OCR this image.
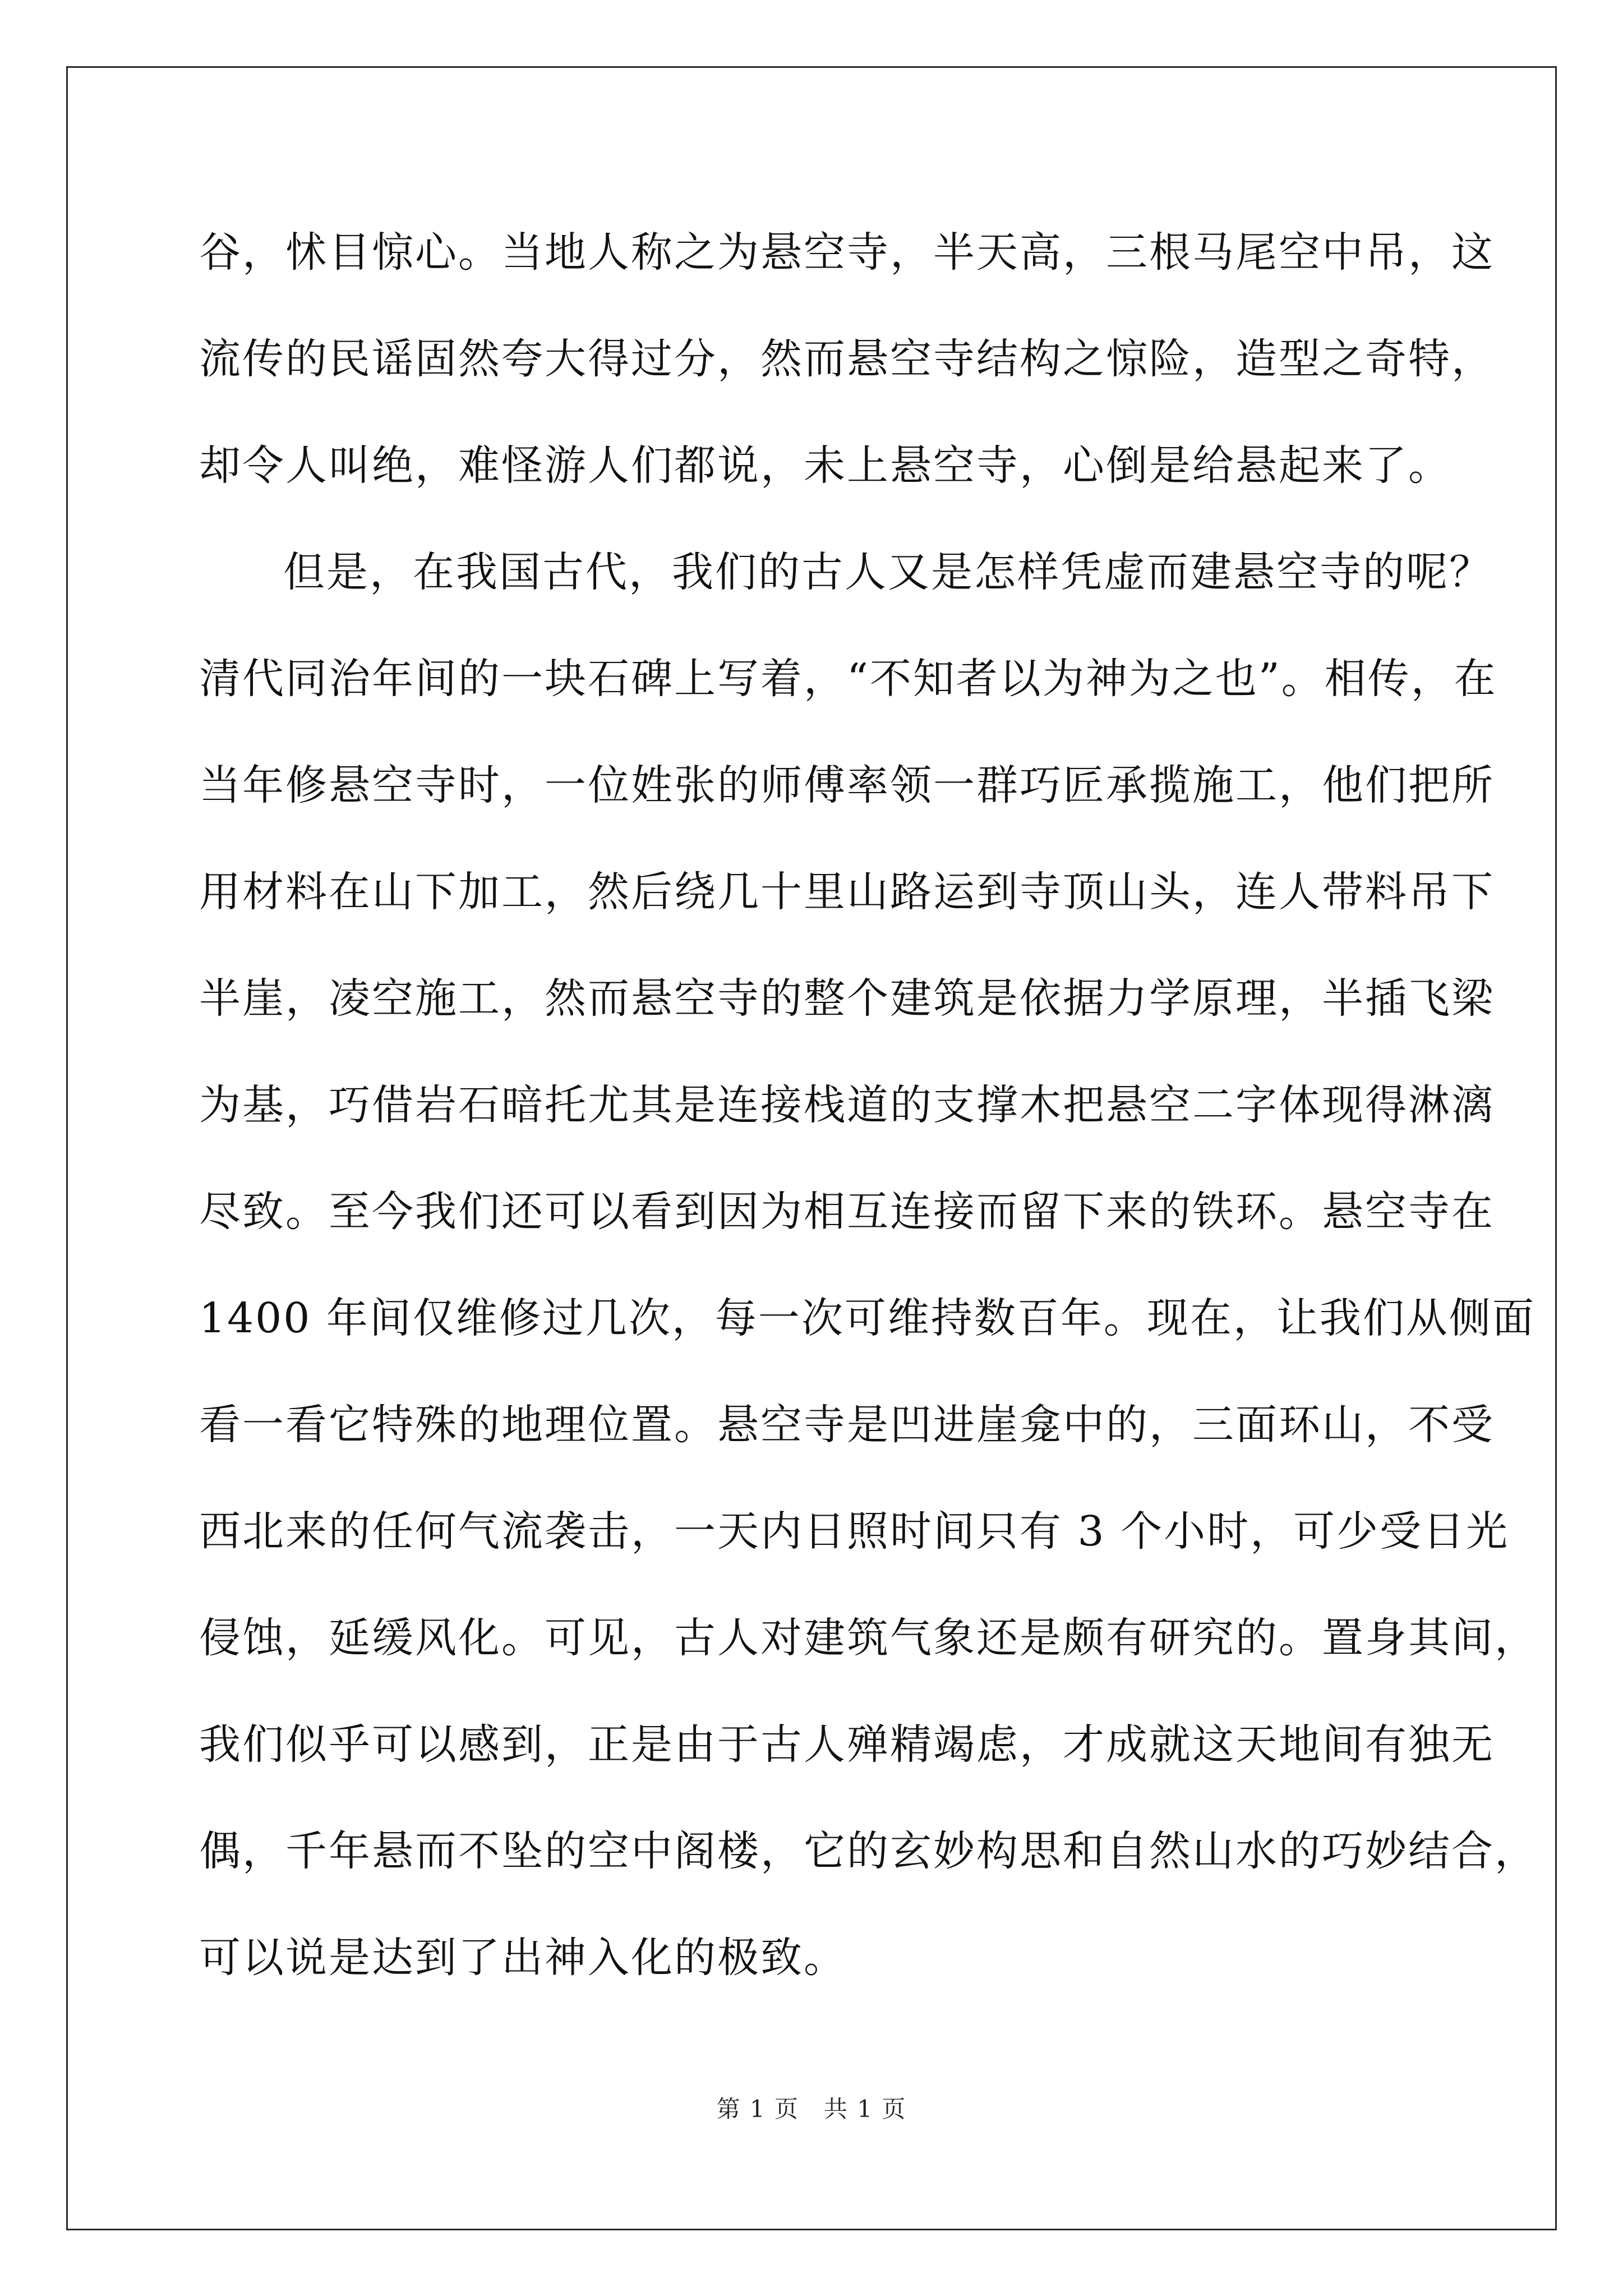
谷，怵目惊心。当地人称之为悬空寺，半天高，三根马尾空中吊，这

流传的民谣固然夸大得过分，然而悬空寺结构之惊险，造型之奇特，

却令人叫绝，难怪游人们都说，未上悬空寺，心倒是给悬起来了。

但是，在我国古代，我们的古人又是怎样凭虚而建悬空寺的呢？

清代同治年间的一块石碑上写着，“不知者以为神为之也”。相传，在

当年修悬空寺时，一位姓张的师傅率领一群巧匠承揽施工，他们把所

用材料在山下加工，然后绕几十里山路运到寺顶山头，连人带料吊下

半崖，凌空施工，然而悬空寺的整个建筑是依据力学原理，半插飞梁

为基，巧借岩石暗托尤其是连接栈道的支撑木把悬空二字体现得淋漓

尽致。至今我们还可以看到因为相互连接而留下来的铁环。悬空寺在

1400 年间仅维修过几次，每一次可维持数百年。现在，让我们从侧面

看一看它特殊的地理位置。悬空寺是凹进崖龛中的，三面环山，不受

西北来的任何气流袭击，一天内日照时间只有 3 个小时，可少受日光

侵蚀，延缓风化。可见，古人对建筑气象还是颇有研究的。置身其间，

我们似乎可以感到，正是由于古人殚精竭虑，才成就这天地间有独无

偶，千年悬而不坠的空中阁楼，它的玄妙构思和自然山水的巧妙结合，

可以说是达到了出神入化的极致。

第 1 页　共 1 页
